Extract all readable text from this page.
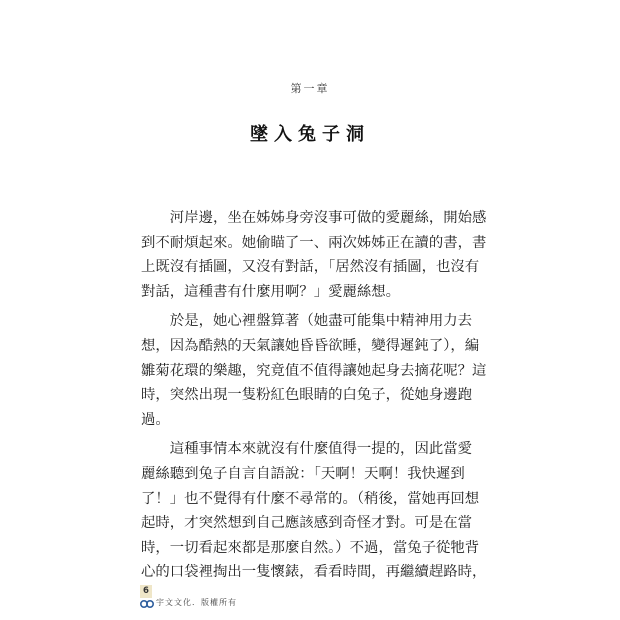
第一章
墜入兔子洞

河岸邊，坐在姊姊身旁沒事可做的愛麗絲，開始感
到不耐煩起來。她偷瞄了一、兩次姊姊正在讀的書，書
上既沒有插圖，又沒有對話，「居然沒有插圖，也沒有
對話，這種書有什麼用啊？」愛麗絲想。

於是，她心裡盤算著（她盡可能集中精神用力去
想，因為酷熱的天氣讓她昏昏欲睡，變得遲鈍了），編
雛菊花環的樂趣，究竟值不值得讓她起身去摘花呢？這
時，突然出現一隻粉紅色眼睛的白兔子，從她身邊跑
過。

這種事情本來就沒有什麼值得一提的，因此當愛
麗絲聽到兔子自言自語說：「天啊！天啊！我快遲到
了！」也不覺得有什麼不尋常的。（稍後，當她再回想
起時，才突然想到自己應該感到奇怪才對。可是在當
時，一切看起來都是那麼自然。）不過，當兔子從牠背
心的口袋裡掏出一隻懷錶，看看時間，再繼續趕路時，

6
宇文文化．版權所有
